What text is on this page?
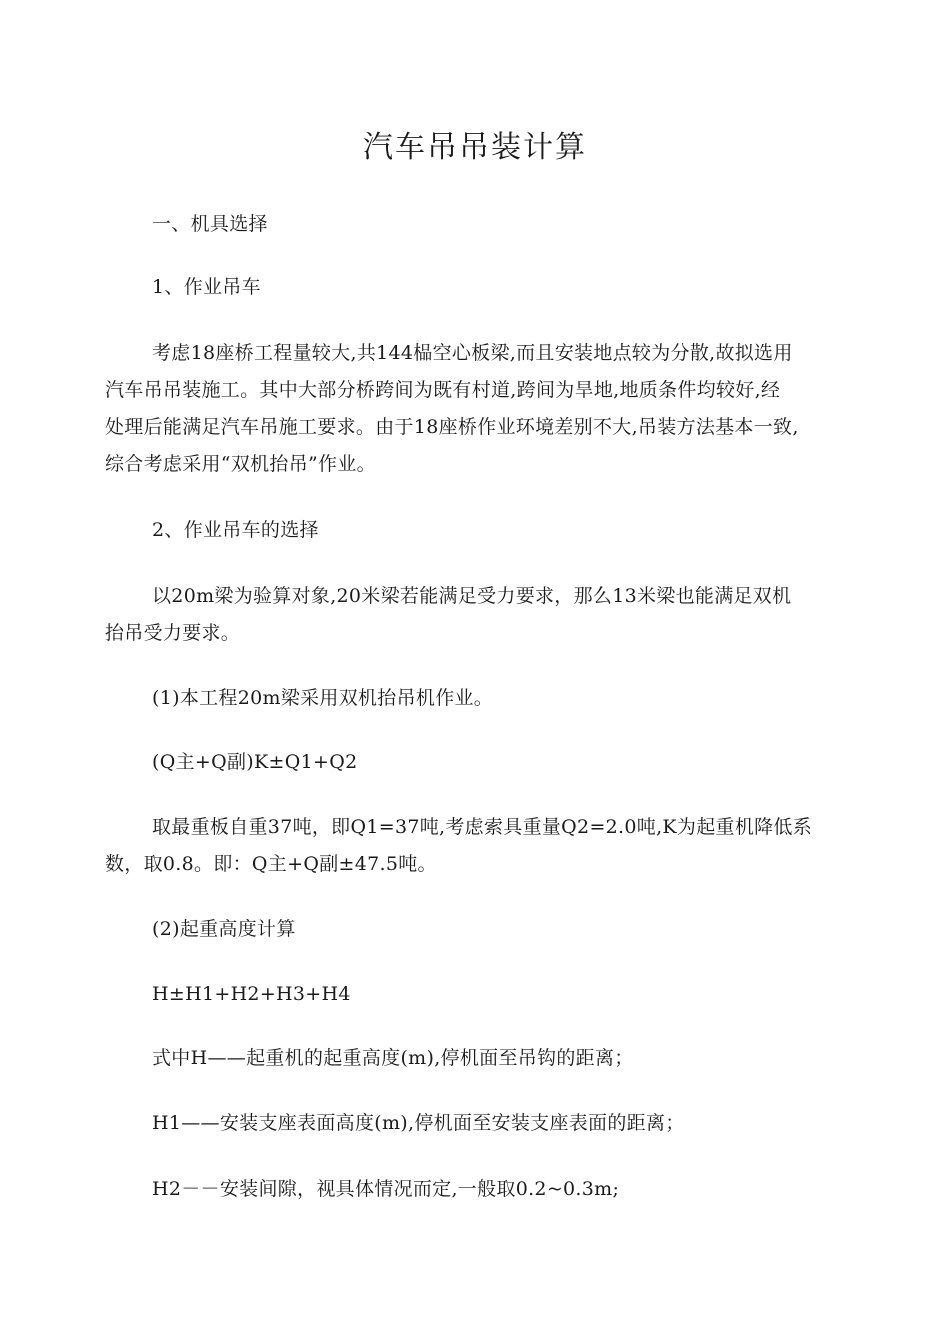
汽车吊吊装计算
一、机具选择
1、作业吊车
考虑18座桥工程量较大,共144榀空心板梁,而且安装地点较为分散,故拟选用
汽车吊吊装施工。其中大部分桥跨间为既有村道,跨间为旱地,地质条件均较好,经
处理后能满足汽车吊施工要求。由于18座桥作业环境差别不大,吊装方法基本一致,
综合考虑采用“双机抬吊”作业。
2、作业吊车的选择
以20m梁为验算对象,20米梁若能满足受力要求，那么13米梁也能满足双机
抬吊受力要求。
(1)本工程20m梁采用双机抬吊机作业。
(Q主+Q副)K±Q1+Q2
取最重板自重37吨，即Q1=37吨,考虑索具重量Q2=2.0吨,K为起重机降低系
数，取0.8。即：Q主+Q副±47.5吨。
(2)起重高度计算
H±H1+H2+H3+H4
式中H——起重机的起重高度(m),停机面至吊钩的距离；
H1——安装支座表面高度(m),停机面至安装支座表面的距离；
H2－－安装间隙，视具体情况而定,一般取0.2~0.3m;
